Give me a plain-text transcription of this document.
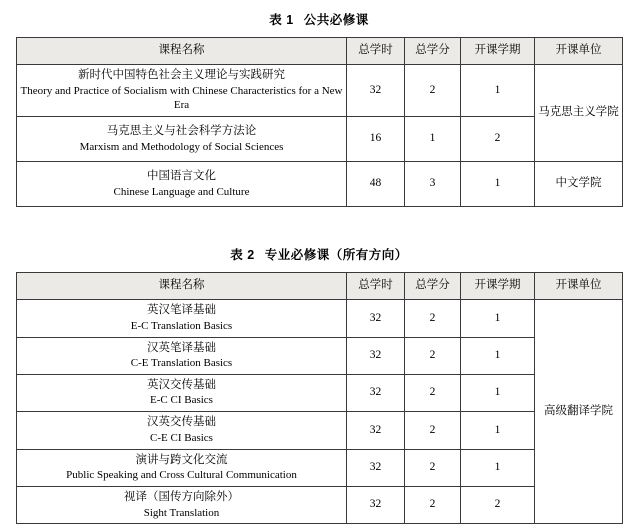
表 1 公共必修课
课程名称	总学时	总学分	开课学期	开课单位

新时代中国特色社会主义理论与实践研究
Theory and Practice of Socialism with Chinese Characteristics for a New Era	32	2	1	马克思主义学院

马克思主义与社会科学方法论
Marxism and Methodology of Social Sciences	16	1	2	

中国语言文化
Chinese Language and Culture	48	3	1	中文学院
表 2 专业必修课（所有方向）
课程名称	总学时	总学分	开课学期	开课单位

英汉笔译基础
E-C Translation Basics	32	2	1	高级翻译学院

汉英笔译基础
C-E Translation Basics	32	2	1	

英汉交传基础
E-C CI Basics	32	2	1	

汉英交传基础
C-E CI Basics	32	2	1	

演讲与跨文化交流
Public Speaking and Cross Cultural Communication	32	2	1	

视译（国传方向除外）
Sight Translation	32	2	2	
